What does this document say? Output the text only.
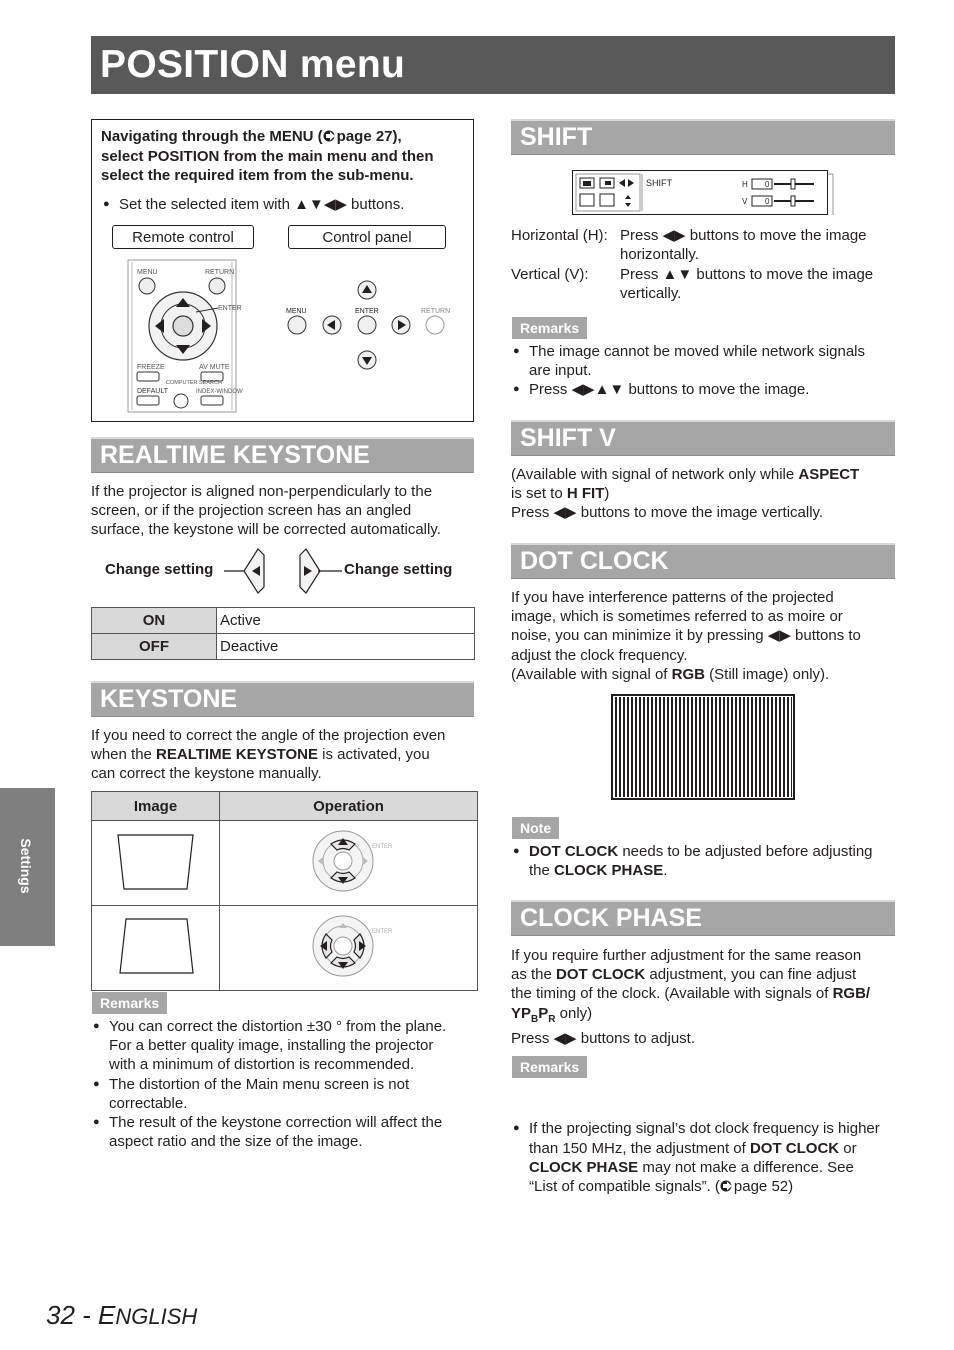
POSITION menu
Navigating through the MENU ( page 27),
select POSITION from the main menu and then
select the required item from the sub-menu.
● Set the selected item with ▲▼◀▶ buttons.
Remote control	Control panel
MENU	RETURN
ENTER
FREEZE	AV MUTE
DEFAULT
COMPUTER SEARCH
INDEX-WINDOW
MENU	ENTER	RETURN
REALTIME KEYSTONE

If the projector is aligned non-perpendicularly to the

screen, or if the projection screen has an angled

surface, the keystone will be corrected automatically.

Change setting	Change setting
ON	Active
OFF	Deactive
KEYSTONE

If you need to correct the angle of the projection even

when the REALTIME KEYSTONE is activated, you

can correct the keystone manually.

Image	Operation

ENTER

ENTER
Remarks
● You can correct the distortion ±30 ° from the plane.
For a better quality image, installing the projector
with a minimum of distortion is recommended.
● The distortion of the Main menu screen is not
correctable.
● The result of the keystone correction will affect the
aspect ratio and the size of the image.
SHIFT
SHIFT	H 0
V 0
Horizontal (H): Press ◀▶ buttons to move the image

horizontally.

Vertical (V):	Press ▲▼ buttons to move the image

vertically.

Remarks
● The image cannot be moved while network signals
are input.
● Press ◀▶▲▼ buttons to move the image.
SHIFT V

(Available with signal of network only while ASPECT

is set to H FIT)

Press ◀▶ buttons to move the image vertically.

DOT CLOCK

If you have interference patterns of the projected

image, which is sometimes referred to as moire or

noise, you can minimize it by pressing ◀▶ buttons to

adjust the clock frequency.

(Available with signal of RGB (Still image) only).

Note
● DOT CLOCK needs to be adjusted before adjusting
the CLOCK PHASE.
CLOCK PHASE

If you require further adjustment for the same reason

as the DOT CLOCK adjustment, you can fine adjust

the timing of the clock. (Available with signals of RGB/

$YP_BP_R$ only)

Press ◀▶ buttons to adjust.

Remarks
● If the projecting signal’s dot clock frequency is higher
than 150 MHz, the adjustment of DOT CLOCK or
CLOCK PHASE may not make a difference. See
“List of compatible signals”. ( page 52)
Settings
32 - ENGLISH
